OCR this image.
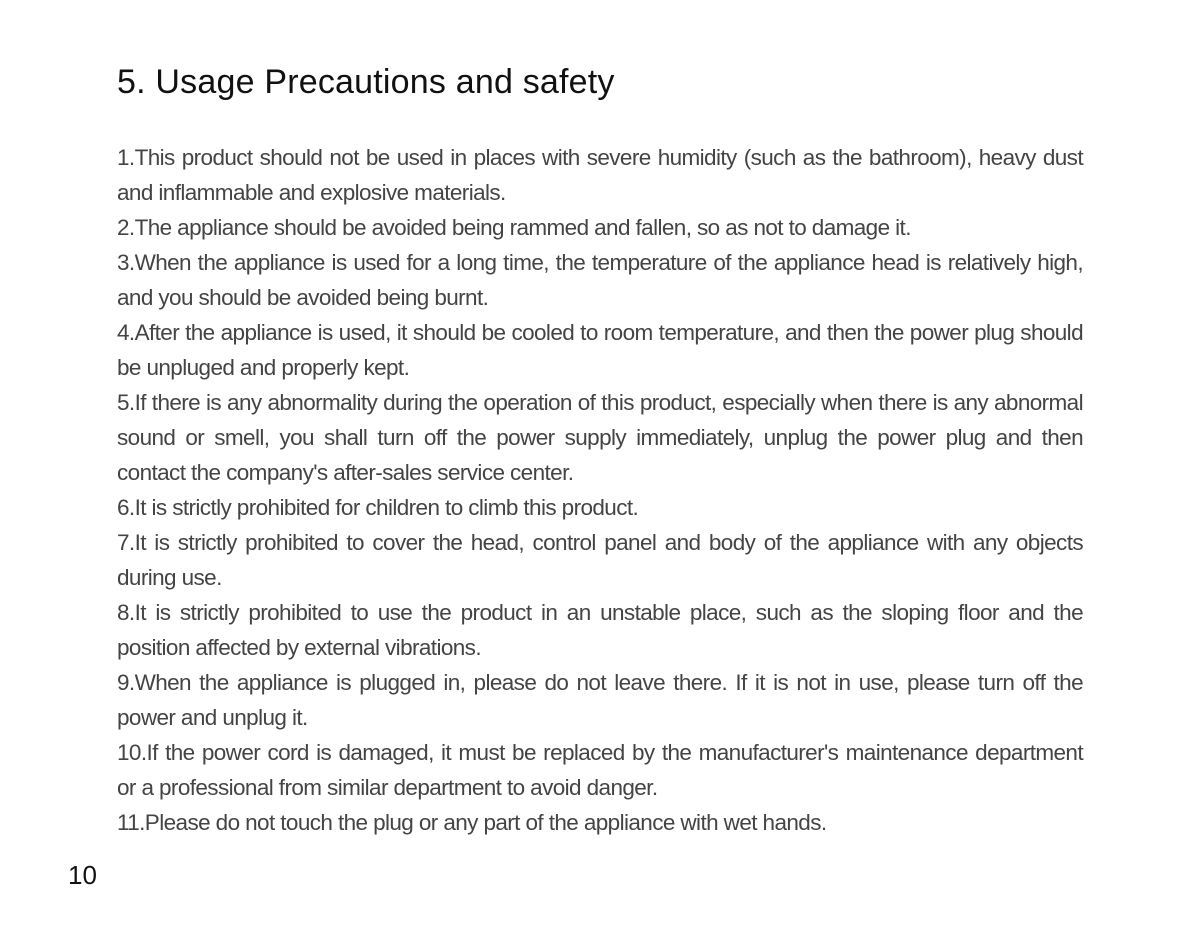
5. Usage Precautions and safety
1.This product should not be used in places with severe humidity (such as the bathroom), heavy dust and inflammable and explosive materials.
2.The appliance should be avoided being rammed and fallen, so as not to damage it.
3.When the appliance is used for a long time, the temperature of the appliance head is relatively high, and you should be avoided being burnt.
4.After the appliance is used, it should be cooled to room temperature, and then the power plug should be unpluged and properly kept.
5.If there is any abnormality during the operation of this product, especially when there is any abnormal sound or smell, you shall turn off the power supply immediately, unplug the power plug and then contact the company's after-sales service center.
6.It is strictly prohibited for children to climb this product.
7.It is strictly prohibited to cover the head, control panel and body of the appliance with any objects during use.
8.It is strictly prohibited to use the product in an unstable place, such as the sloping floor and the position affected by external vibrations.
9.When the appliance is plugged in, please do not leave there. If it is not in use, please turn off the power and unplug it.
10.If the power cord is damaged, it must be replaced by the manufacturer's maintenance department or a professional from similar department to avoid danger.
11.Please do not touch the plug or any part of the appliance with wet hands.
10
